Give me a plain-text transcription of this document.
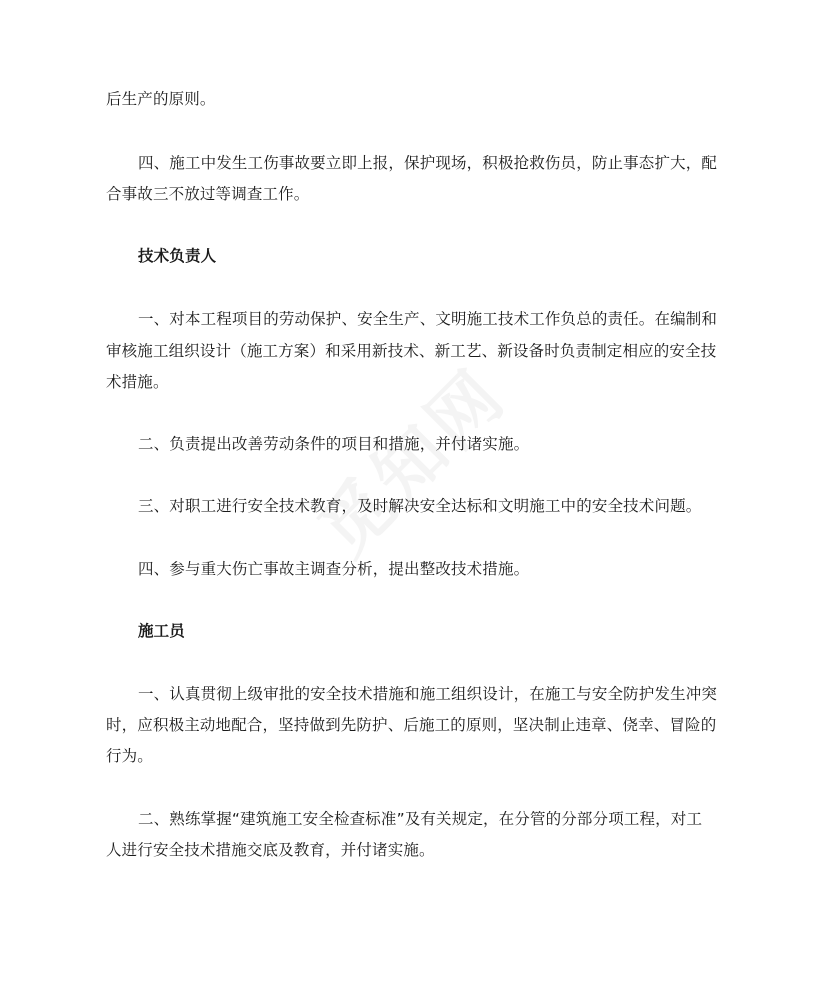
后生产的原则。

四、施工中发生工伤事故要立即上报，保护现场，积极抢救伤员，防止事态扩大，配

合事故三不放过等调查工作。

技术负责人

一、对本工程项目的劳动保护、安全生产、文明施工技术工作负总的责任。在编制和

审核施工组织设计（施工方案）和采用新技术、新工艺、新设备时负责制定相应的安全技

术措施。

二、负责提出改善劳动条件的项目和措施，并付诸实施。

三、对职工进行安全技术教育，及时解决安全达标和文明施工中的安全技术问题。

四、参与重大伤亡事故主调查分析，提出整改技术措施。

施工员

一、认真贯彻上级审批的安全技术措施和施工组织设计，在施工与安全防护发生冲突

时，应积极主动地配合，坚持做到先防护、后施工的原则，坚决制止违章、侥幸、冒险的

行为。

二、熟练掌握“建筑施工安全检查标准”及有关规定，在分管的分部分项工程，对工

人进行安全技术措施交底及教育，并付诸实施。
